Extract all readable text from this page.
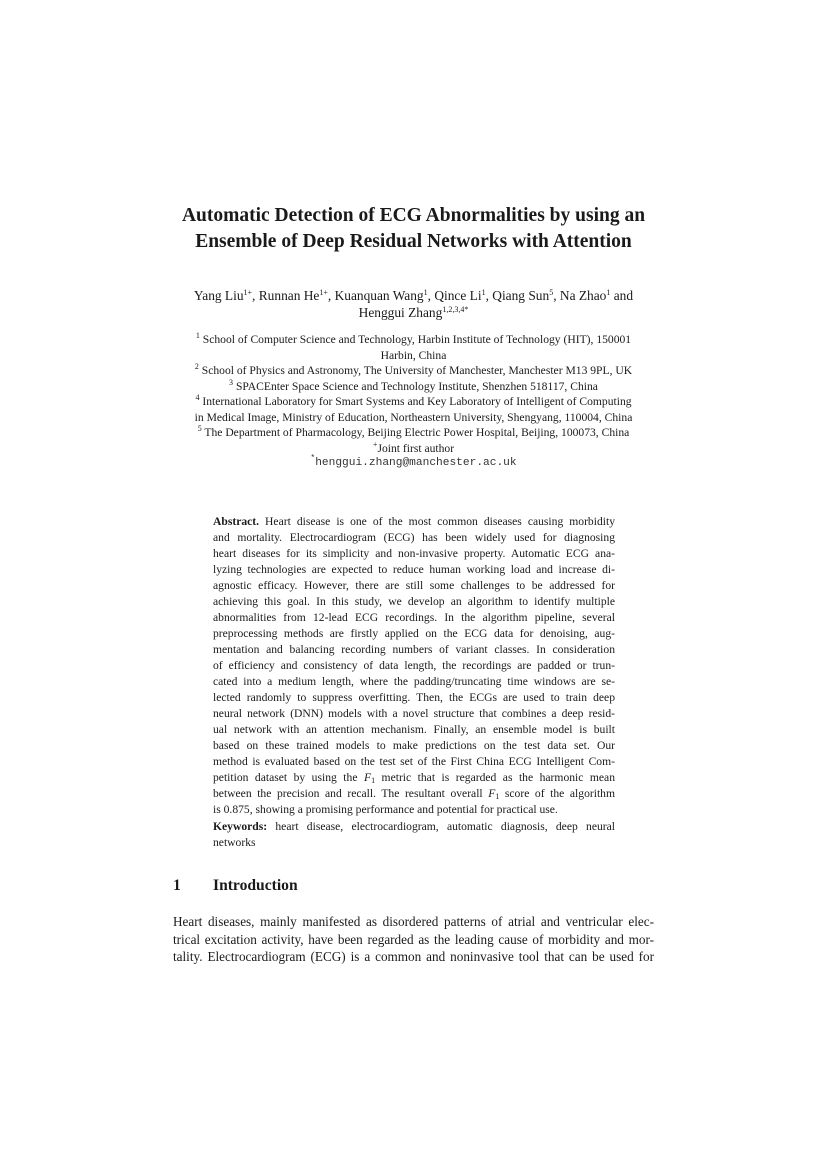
Automatic Detection of ECG Abnormalities by using an
Ensemble of Deep Residual Networks with Attention
Yang Liu$^{1+}$, Runnan $He^{1+}$, Kuanquan Wang$^1$, Qince Li$^1$, Qiang Sun$^5$, Na Zhao$^1$ and
Henggui Zhang$^{1,2,3,4*}$
$^1$ School of Computer Science and Technology, Harbin Institute of Technology (HIT), 150001
Harbin, China
$^2$ School of Physics and Astronomy, The University of Manchester, Manchester M13 9PL, UK
$^3$ SPACEnter Space Science and Technology Institute, Shenzhen 518117, China
$^4$ International Laboratory for Smart Systems and Key Laboratory of Intelligent of Computing
in Medical Image, Ministry of Education, Northeastern University, Shengyang, 110004, China
$^5$ The Department of Pharmacology, Beijing Electric Power Hospital, Beijing, 100073, China
+Joint first author
*henggui.zhang@manchester.ac.uk
Abstract. Heart disease is one of the most common diseases causing morbidity
and mortality. Electrocardiogram (ECG) has been widely used for diagnosing
heart diseases for its simplicity and non-invasive property. Automatic ECG ana-
lyzing technologies are expected to reduce human working load and increase di-
agnostic efficacy. However, there are still some challenges to be addressed for
achieving this goal. In this study, we develop an algorithm to identify multiple
abnormalities from 12-lead ECG recordings. In the algorithm pipeline, several
preprocessing methods are firstly applied on the ECG data for denoising, aug-
mentation and balancing recording numbers of variant classes. In consideration
of efficiency and consistency of data length, the recordings are padded or trun-
cated into a medium length, where the padding/truncating time windows are se-
lected randomly to suppress overfitting. Then, the ECGs are used to train deep
neural network (DNN) models with a novel structure that combines a deep resid-
ual network with an attention mechanism. Finally, an ensemble model is built
based on these trained models to make predictions on the test data set. Our
method is evaluated based on the test set of the First China ECG Intelligent Com-
petition dataset by using the $F_1$ metric that is regarded as the harmonic mean
between the precision and recall. The resultant overall $F_1$ score of the algorithm
is 0.875, showing a promising performance and potential for practical use.
Keywords: heart disease, electrocardiogram, automatic diagnosis, deep neural
networks
1 Introduction
Heart diseases, mainly manifested as disordered patterns of atrial and ventricular elec-
trical excitation activity, have been regarded as the leading cause of morbidity and mor-
tality. Electrocardiogram (ECG) is a common and noninvasive tool that can be used for
